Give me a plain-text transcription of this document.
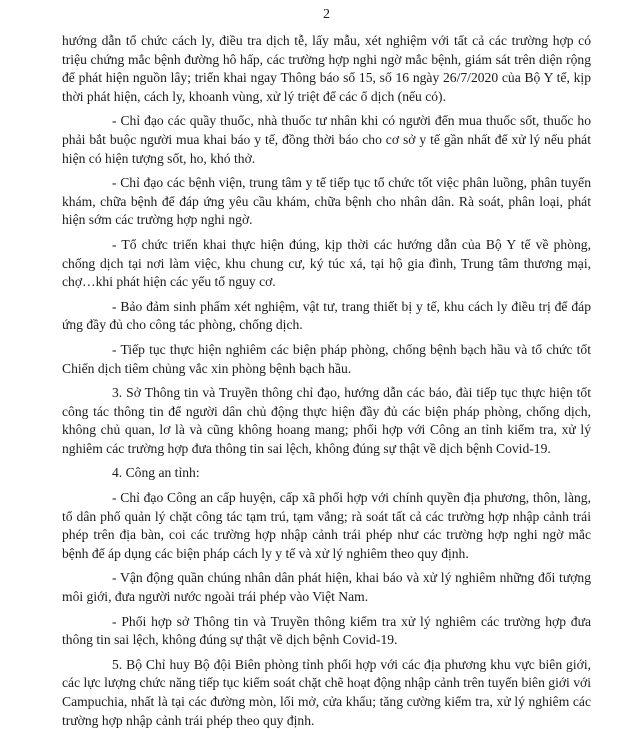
2

hướng dẫn tổ chức cách ly, điều tra dịch tễ, lấy mẫu, xét nghiệm với tất cả các trường hợp có triệu chứng mắc bệnh đường hô hấp, các trường hợp nghi ngờ mắc bệnh, giám sát trên diện rộng để phát hiện nguồn lây; triển khai ngay Thông báo số 15, số 16 ngày 26/7/2020 của Bộ Y tế, kịp thời phát hiện, cách ly, khoanh vùng, xử lý triệt để các ổ dịch (nếu có).

- Chỉ đạo các quầy thuốc, nhà thuốc tư nhân khi có người đến mua thuốc sốt, thuốc ho phải bắt buộc người mua khai báo y tế, đồng thời báo cho cơ sở y tế gần nhất để xử lý nếu phát hiện có hiện tượng sốt, ho, khó thở.

- Chỉ đạo các bệnh viện, trung tâm y tế tiếp tục tổ chức tốt việc phân luồng, phân tuyến khám, chữa bệnh để đáp ứng yêu cầu khám, chữa bệnh cho nhân dân. Rà soát, phân loại, phát hiện sớm các trường hợp nghi ngờ.

- Tổ chức triển khai thực hiện đúng, kịp thời các hướng dẫn của Bộ Y tế về phòng, chống dịch tại nơi làm việc, khu chung cư, ký túc xá, tại hộ gia đình, Trung tâm thương mại, chợ…khi phát hiện các yếu tố nguy cơ.

- Bảo đảm sinh phẩm xét nghiệm, vật tư, trang thiết bị y tế, khu cách ly điều trị để đáp ứng đầy đủ cho công tác phòng, chống dịch.

- Tiếp tục thực hiện nghiêm các biện pháp phòng, chống bệnh bạch hầu và tổ chức tốt Chiến dịch tiêm chủng vắc xin phòng bệnh bạch hầu.

3. Sở Thông tin và Truyền thông chỉ đạo, hướng dẫn các báo, đài tiếp tục thực hiện tốt công tác thông tin để người dân chủ động thực hiện đầy đủ các biện pháp phòng, chống dịch, không chủ quan, lơ là và cũng không hoang mang; phối hợp với Công an tỉnh kiểm tra, xử lý nghiêm các trường hợp đưa thông tin sai lệch, không đúng sự thật về dịch bệnh Covid-19.

4. Công an tỉnh:

- Chỉ đạo Công an cấp huyện, cấp xã phối hợp với chính quyền địa phương, thôn, làng, tổ dân phố quản lý chặt công tác tạm trú, tạm vắng; rà soát tất cả các trường hợp nhập cảnh trái phép trên địa bàn, coi các trường hợp nhập cảnh trái phép như các trường hợp nghi ngờ mắc bệnh để áp dụng các biện pháp cách ly y tế và xử lý nghiêm theo quy định.

- Vận động quần chúng nhân dân phát hiện, khai báo và xử lý nghiêm những đối tượng môi giới, đưa người nước ngoài trái phép vào Việt Nam.

- Phối hợp sở Thông tin và Truyền thông kiểm tra xử lý nghiêm các trường hợp đưa thông tin sai lệch, không đúng sự thật về dịch bệnh Covid-19.

5. Bộ Chỉ huy Bộ đội Biên phòng tỉnh phối hợp với các địa phương khu vực biên giới, các lực lượng chức năng tiếp tục kiểm soát chặt chẽ hoạt động nhập cảnh trên tuyến biên giới với Campuchia, nhất là tại các đường mòn, lối mở, cửa khẩu; tăng cường kiểm tra, xử lý nghiêm các trường hợp nhập cảnh trái phép theo quy định.
